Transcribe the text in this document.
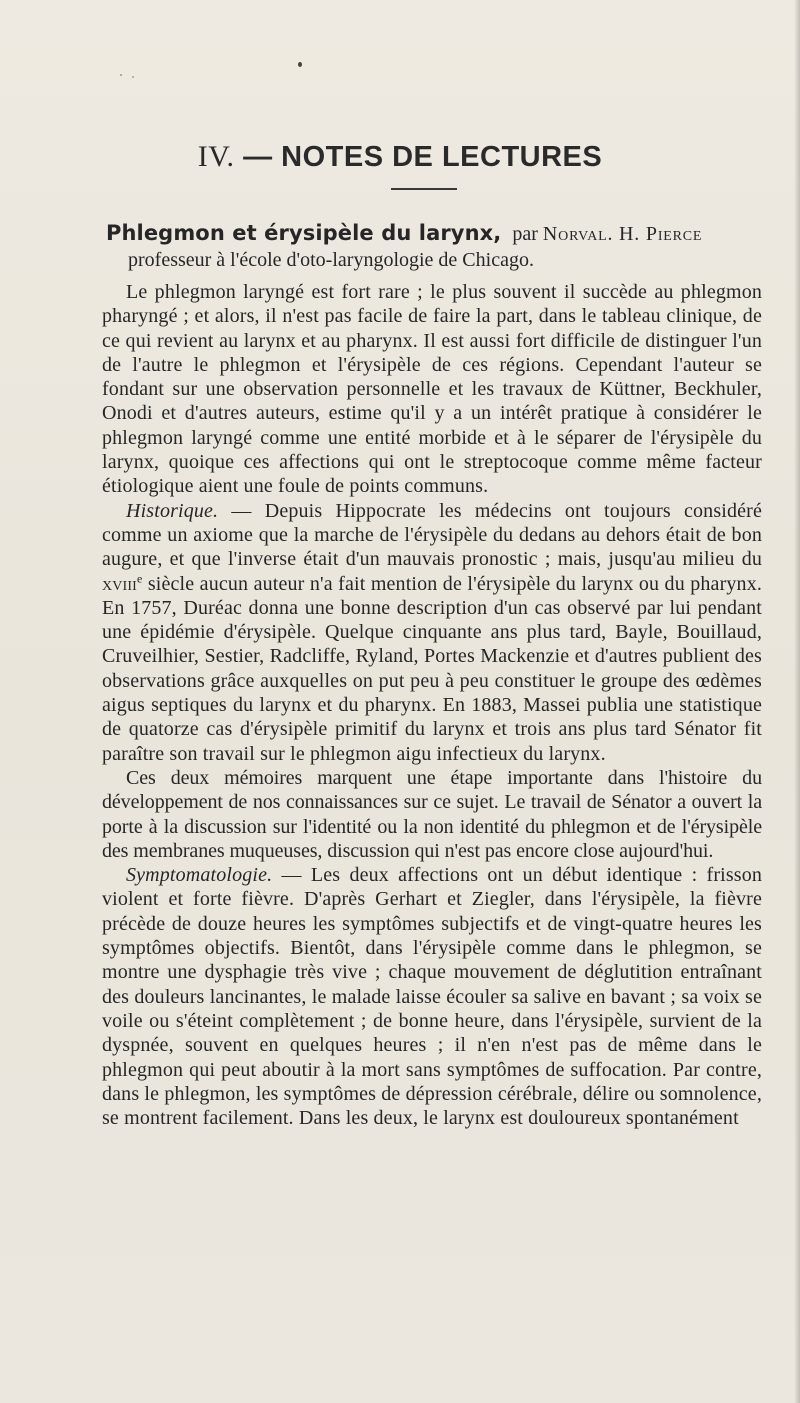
IV. — NOTES DE LECTURES
Phlegmon et érysipèle du larynx, par Norval. H. Pierce
professeur à l'école d'oto-laryngologie de Chicago.

Le phlegmon laryngé est fort rare ; le plus souvent il succède au phlegmon pharyngé ; et alors, il n'est pas facile de faire la part, dans le tableau clinique, de ce qui revient au larynx et au pharynx. Il est aussi fort difficile de distinguer l'un de l'autre le phlegmon et l'érysipèle de ces régions. Cependant l'auteur se fondant sur une observation personnelle et les travaux de Küttner, Beckhuler, Onodi et d'autres auteurs, estime qu'il y a un intérêt pratique à considérer le phlegmon laryngé comme une entité morbide et à le séparer de l'érysipèle du larynx, quoique ces affections qui ont le streptocoque comme même facteur étiologique aient une foule de points communs.

Historique. — Depuis Hippocrate les médecins ont toujours considéré comme un axiome que la marche de l'érysipèle du dedans au dehors était de bon augure, et que l'inverse était d'un mauvais pronostic ; mais, jusqu'au milieu du xviii$^e$ siècle aucun auteur n'a fait mention de l'érysipèle du larynx ou du pharynx. En 1757, Duréac donna une bonne description d'un cas observé par lui pendant une épidémie d'érysipèle. Quelque cinquante ans plus tard, Bayle, Bouillaud, Cruveilhier, Sestier, Radcliffe, Ryland, Portes Mackenzie et d'autres publient des observations grâce auxquelles on put peu à peu constituer le groupe des œdèmes aigus septiques du larynx et du pharynx. En 1883, Massei publia une statistique de quatorze cas d'érysipèle primitif du larynx et trois ans plus tard Sénator fit paraître son travail sur le phlegmon aigu infectieux du larynx.

Ces deux mémoires marquent une étape importante dans l'histoire du développement de nos connaissances sur ce sujet. Le travail de Sénator a ouvert la porte à la discussion sur l'identité ou la non identité du phlegmon et de l'érysipèle des membranes muqueuses, discussion qui n'est pas encore close aujourd'hui.

Symptomatologie. — Les deux affections ont un début identique : frisson violent et forte fièvre. D'après Gerhart et Ziegler, dans l'érysipèle, la fièvre précède de douze heures les symptômes subjectifs et de vingt-quatre heures les symptômes objectifs. Bientôt, dans l'érysipèle comme dans le phlegmon, se montre une dysphagie très vive ; chaque mouvement de déglutition entraînant des douleurs lancinantes, le malade laisse écouler sa salive en bavant ; sa voix se voile ou s'éteint complètement ; de bonne heure, dans l'érysipèle, survient de la dyspnée, souvent en quelques heures ; il n'en n'est pas de même dans le phlegmon qui peut aboutir à la mort sans symptômes de suffocation. Par contre, dans le phlegmon, les symptômes de dépression cérébrale, délire ou somnolence, se montrent facilement. Dans les deux, le larynx est douloureux spontanément
